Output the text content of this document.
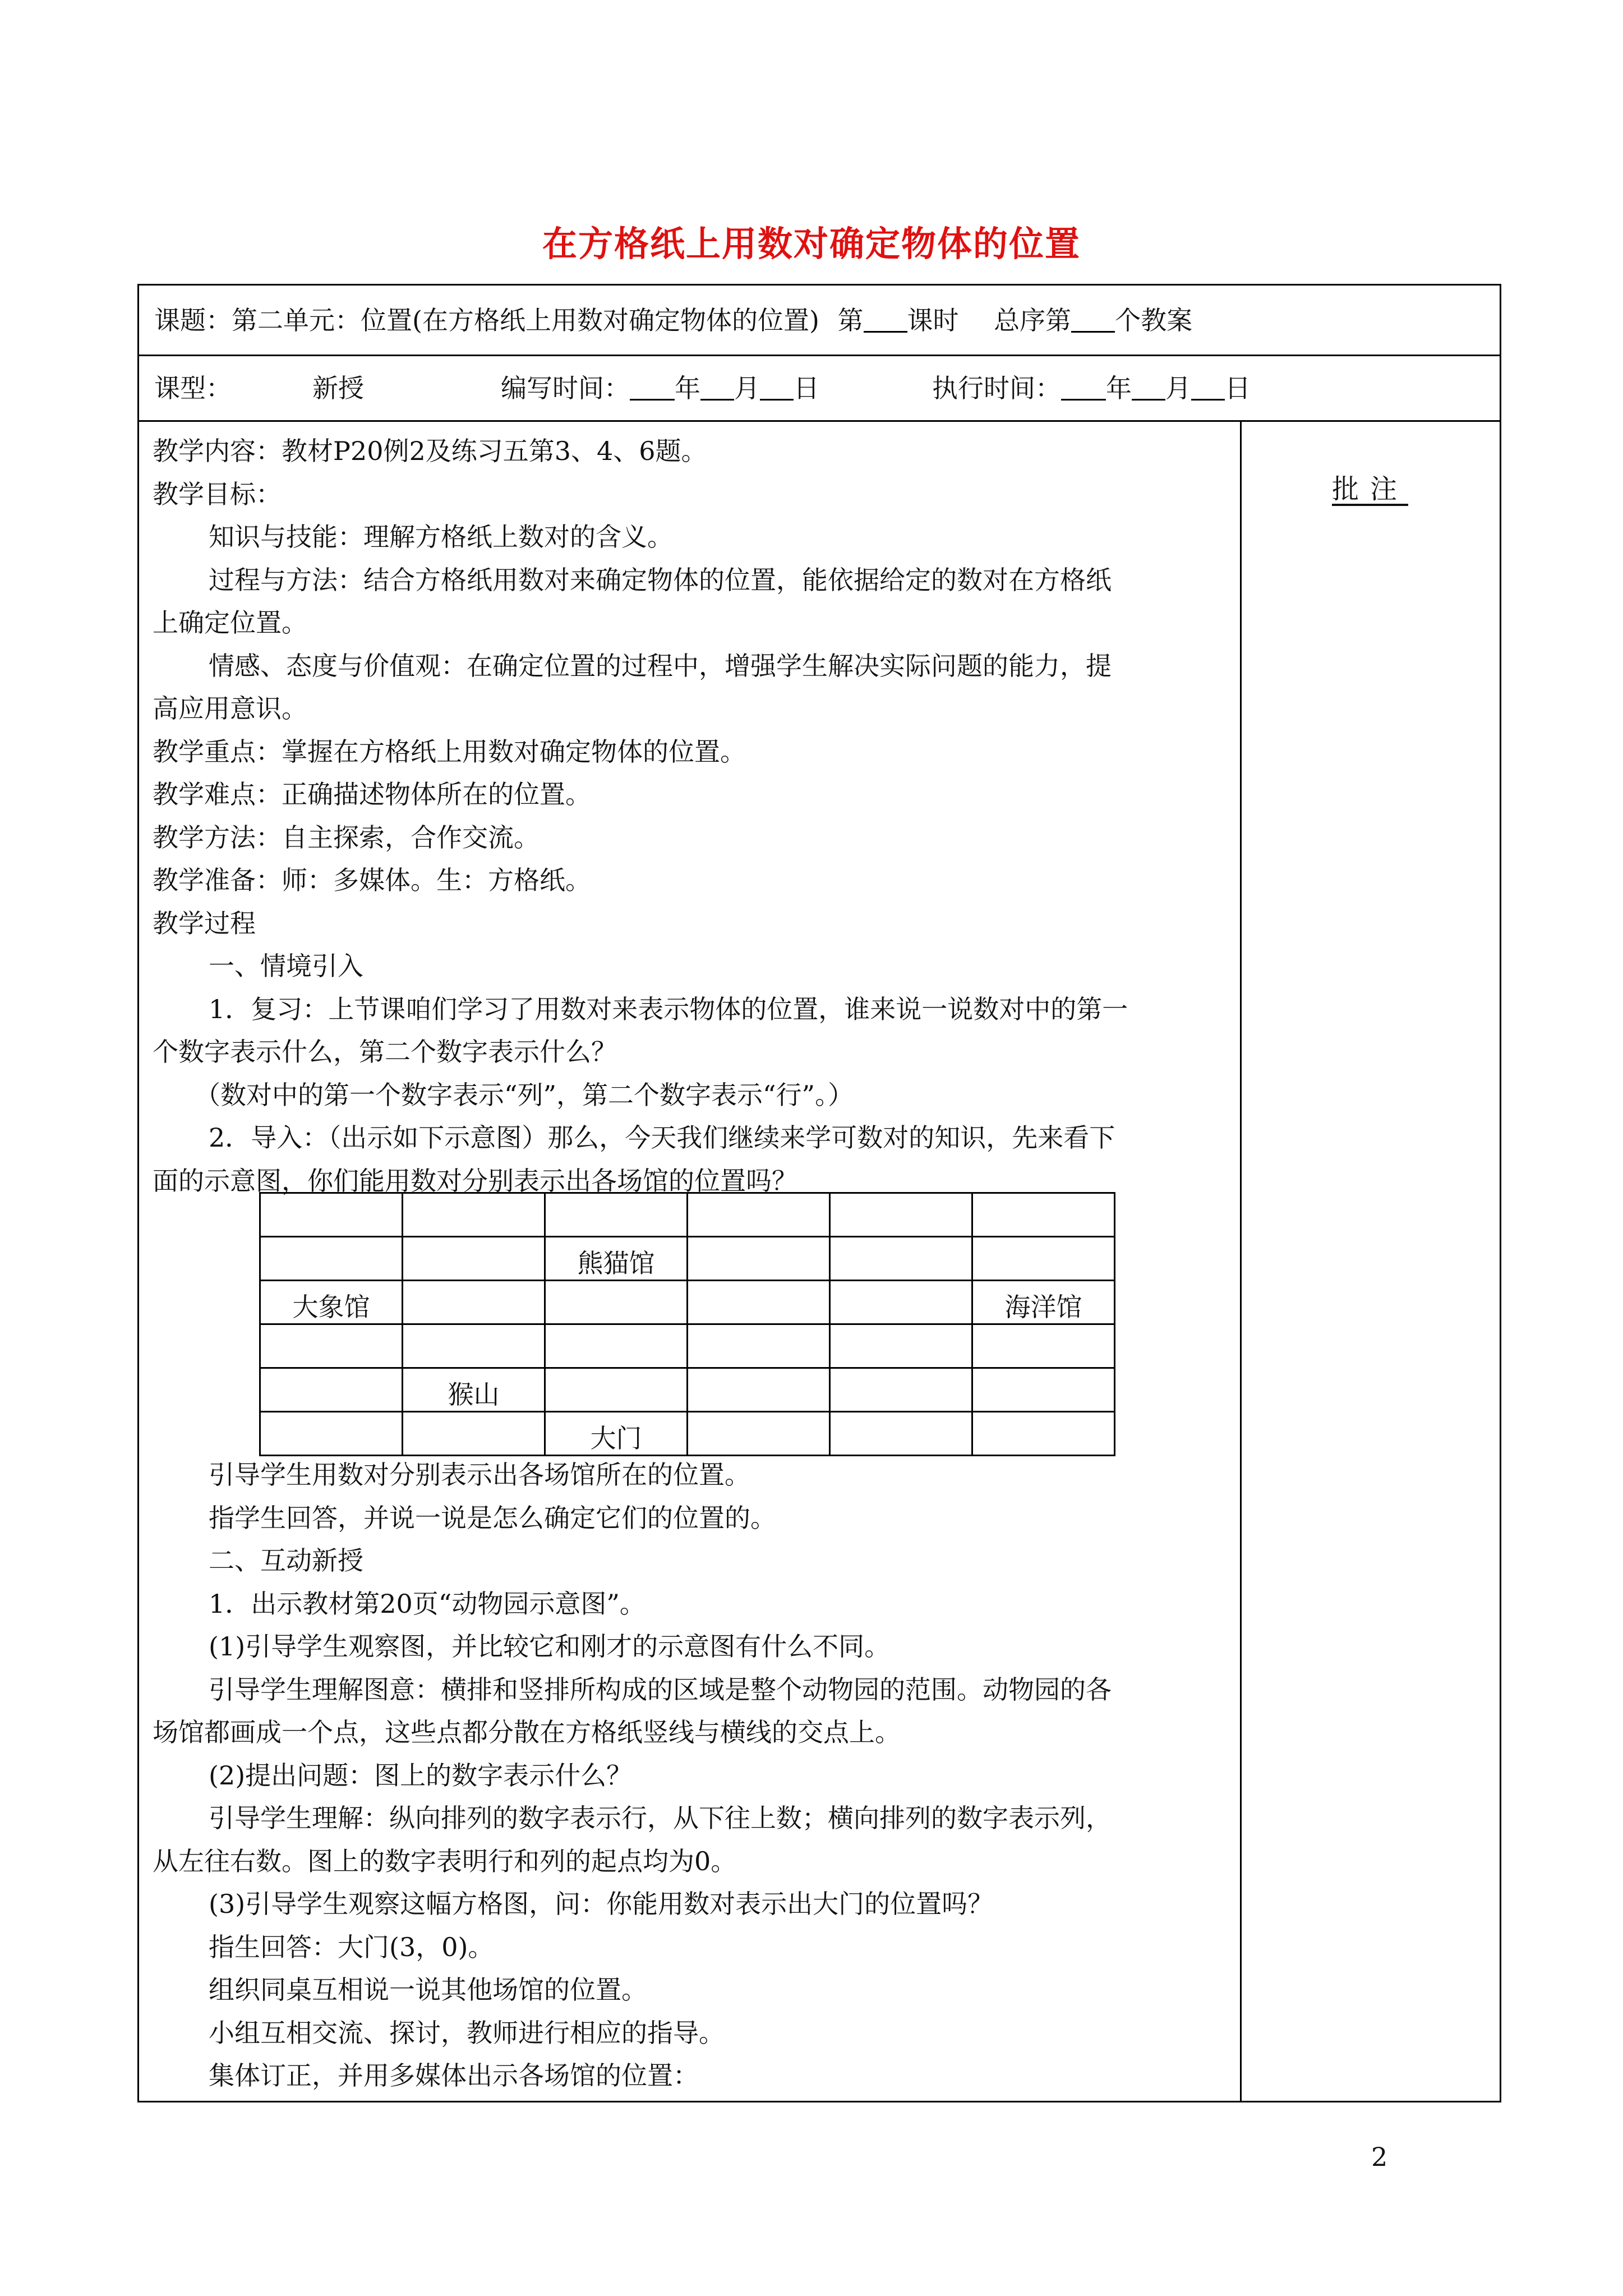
在方格纸上用数对确定物体的位置
课题：第二单元：位置(在方格纸上用数对确定物体的位置) 第 课时 总序第 个教案
课型：	新授	编写时间： 年 月 日	执行时间： 年 月 日
批注
教学内容：教材P20例2及练习五第3、4、6题。
教学目标：
知识与技能：理解方格纸上数对的含义。
过程与方法：结合方格纸用数对来确定物体的位置，能依据给定的数对在方格纸
上确定位置。
情感、态度与价值观：在确定位置的过程中，增强学生解决实际问题的能力，提
高应用意识。
教学重点：掌握在方格纸上用数对确定物体的位置。
教学难点：正确描述物体所在的位置。
教学方法：自主探索，合作交流。
教学准备：师：多媒体。生：方格纸。
教学过程
一、情境引入
1．复习：上节课咱们学习了用数对来表示物体的位置，谁来说一说数对中的第一
个数字表示什么，第二个数字表示什么？
（数对中的第一个数字表示“列”，第二个数字表示“行”。）
2．导入：（出示如下示意图）那么，今天我们继续来学可数对的知识，先来看下
面的示意图，你们能用数对分别表示出各场馆的位置吗？

		熊猫馆			
大象馆					海洋馆

	猴山				
		大门			
引导学生用数对分别表示出各场馆所在的位置。
指学生回答，并说一说是怎么确定它们的位置的。
二、互动新授
1．出示教材第20页“动物园示意图”。
(1)引导学生观察图，并比较它和刚才的示意图有什么不同。
引导学生理解图意：横排和竖排所构成的区域是整个动物园的范围。动物园的各
场馆都画成一个点，这些点都分散在方格纸竖线与横线的交点上。
(2)提出问题：图上的数字表示什么？
引导学生理解：纵向排列的数字表示行，从下往上数；横向排列的数字表示列，
从左往右数。图上的数字表明行和列的起点均为0。
(3)引导学生观察这幅方格图，问：你能用数对表示出大门的位置吗？
指生回答：大门(3，0)。
组织同桌互相说一说其他场馆的位置。
小组互相交流、探讨，教师进行相应的指导。
集体订正，并用多媒体出示各场馆的位置：
2
